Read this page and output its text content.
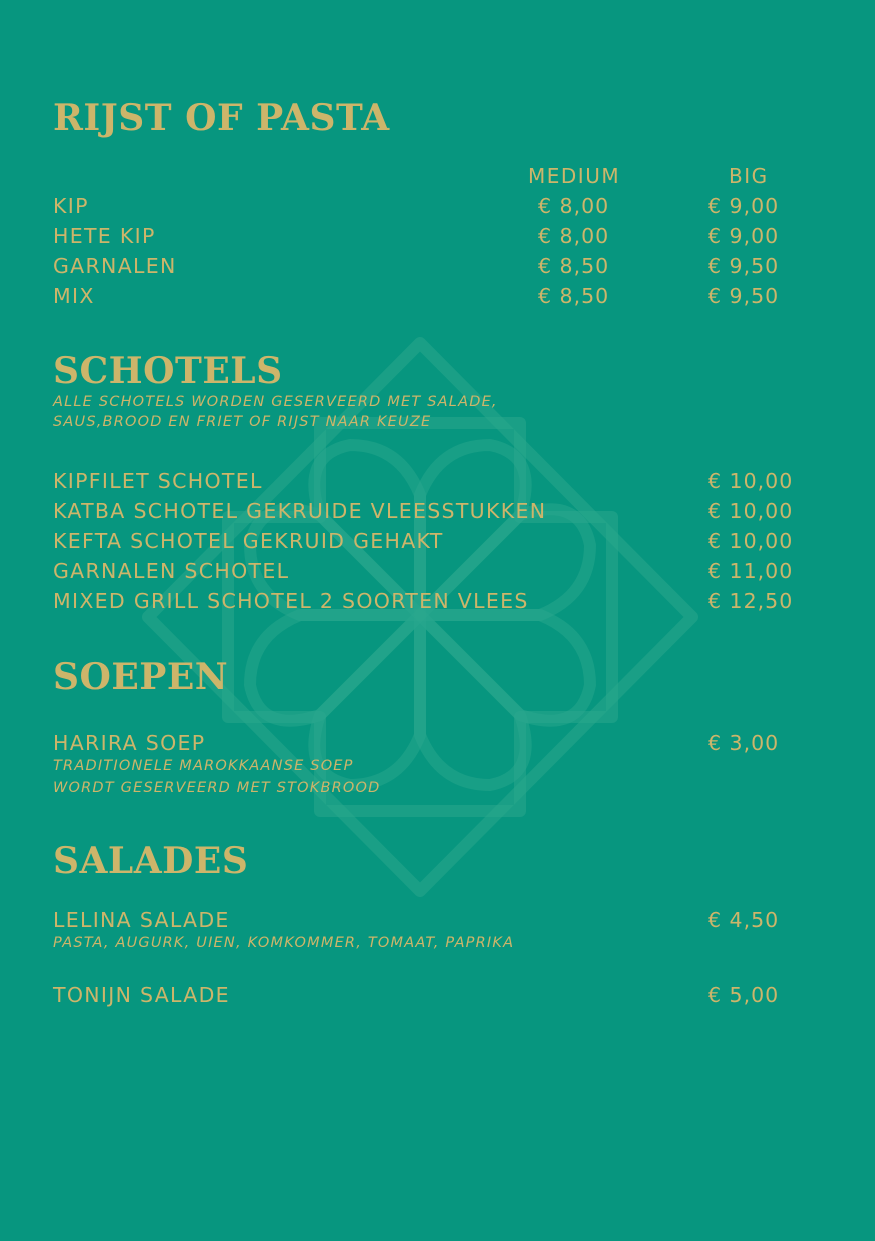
RIJST OF PASTA
MEDIUM	BIG
KIP	€ 8,00	€ 9,00
HETE KIP	€ 8,00	€ 9,00
GARNALEN	€ 8,50	€ 9,50
MIX	€ 8,50	€ 9,50
SCHOTELS
ALLE SCHOTELS WORDEN GESERVEERD MET SALADE,
SAUS,BROOD EN FRIET OF RIJST NAAR KEUZE
KIPFILET SCHOTEL	€ 10,00
KATBA SCHOTEL GEKRUIDE VLEESSTUKKEN	€ 10,00
KEFTA SCHOTEL GEKRUID GEHAKT	€ 10,00
GARNALEN SCHOTEL	€ 11,00
MIXED GRILL SCHOTEL 2 SOORTEN VLEES	€ 12,50
SOEPEN
HARIRA SOEP	€ 3,00
TRADITIONELE MAROKKAANSE SOEP
WORDT GESERVEERD MET STOKBROOD
SALADES
LELINA SALADE	€ 4,50
PASTA, AUGURK, UIEN, KOMKOMMER, TOMAAT, PAPRIKA
TONIJN SALADE	€ 5,00
